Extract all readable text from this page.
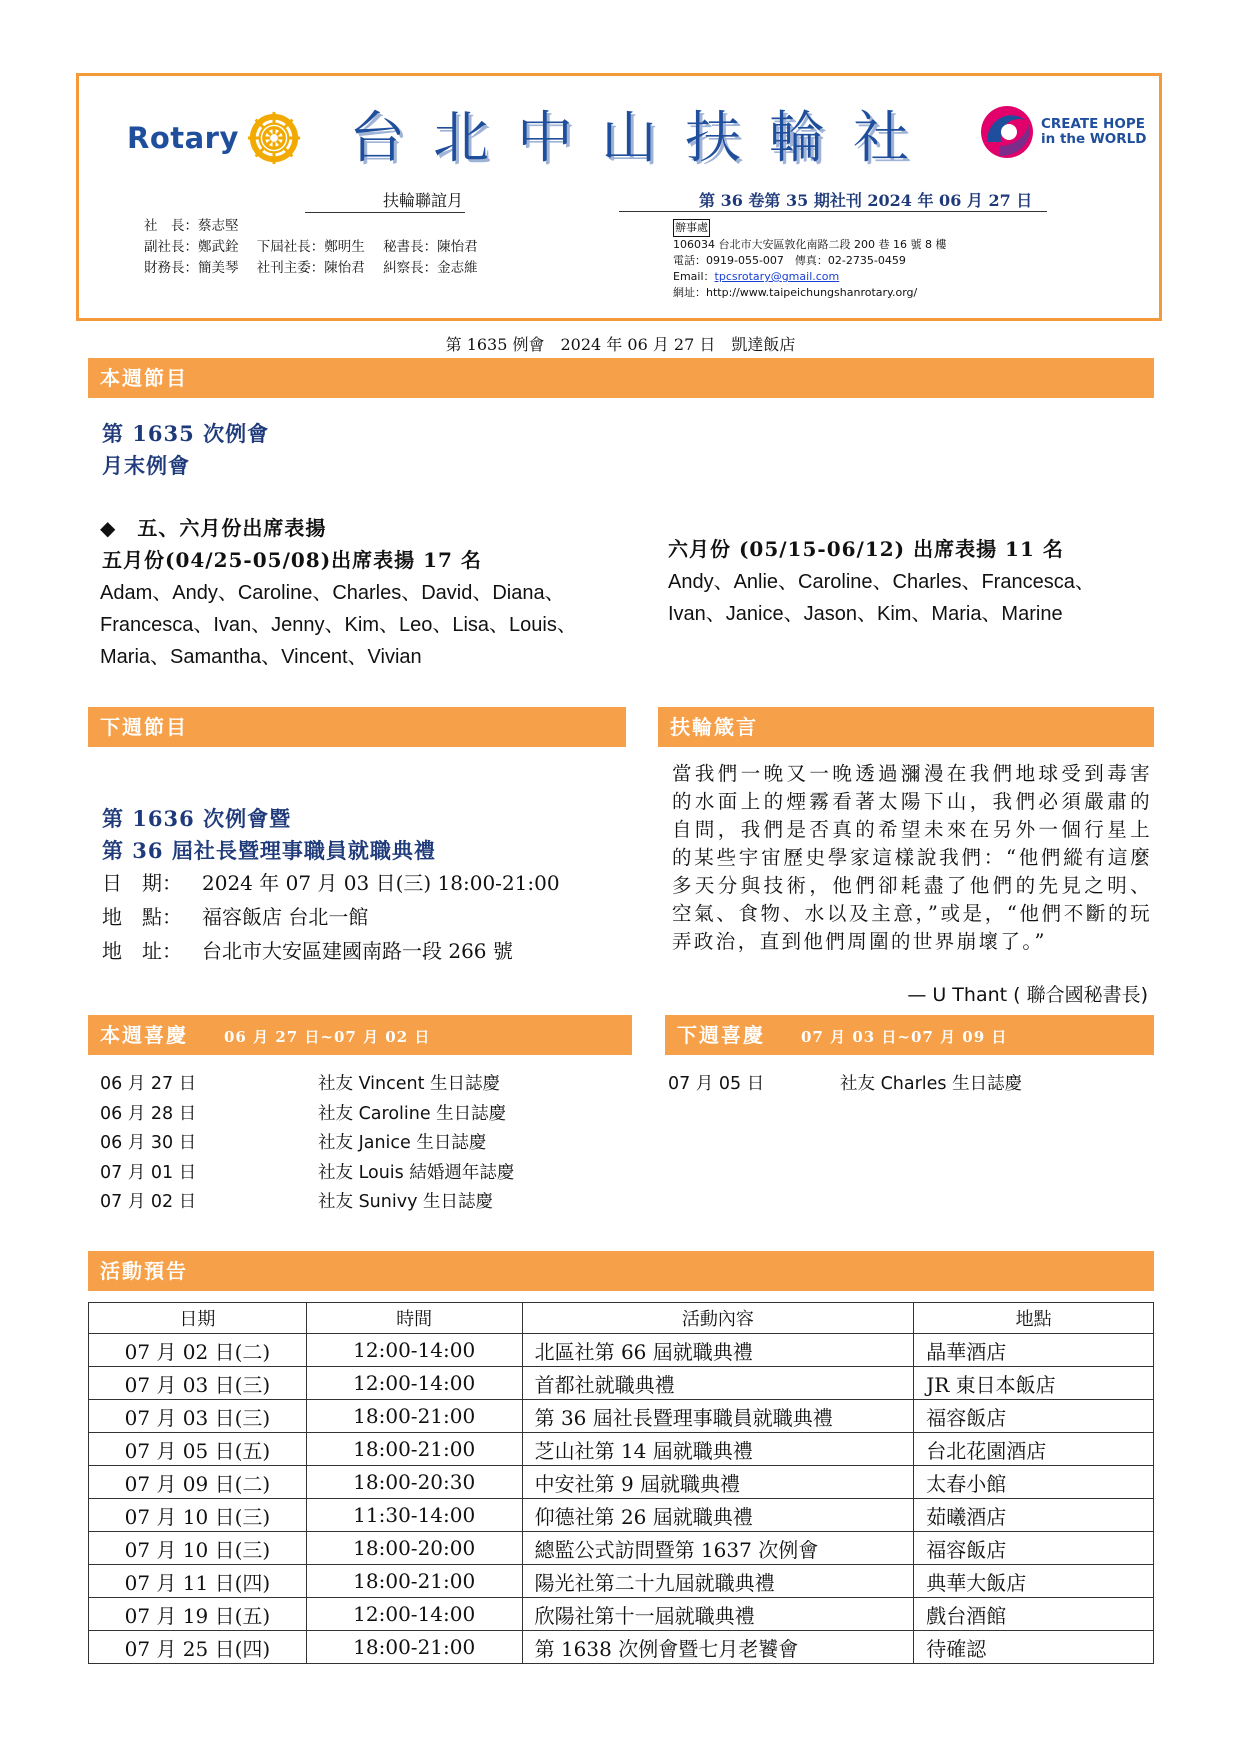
Rotary 台北中山扶輪社	CREATE HOPE
in the WORLD
扶輪聯誼月	第 36 卷第 35 期社刊 2024 年 06 月 27 日
社　長：蔡志堅
副社長：鄭武銓 下屆社長：鄭明生 秘書長：陳怡君
財務長：簡美琴 社刊主委：陳怡君 糾察長：金志維
辦事處
106034 台北市大安區敦化南路二段 200 巷 16 號 8 樓
電話：0919-055-007　傳真：02-2735-0459
Email：tpcsrotary@gmail.com
網址：http://www.taipeichungshanrotary.org/
第 1635 例會　2024 年 06 月 27 日　凱達飯店
本週節目
第 1635 次例會
月末例會
◆　五、六月份出席表揚
五月份(04/25-05/08)出席表揚 17 名
Adam、Andy、Caroline、Charles、David、Diana、
Francesca、Ivan、Jenny、Kim、Leo、Lisa、Louis、
Maria、Samantha、Vincent、Vivian
六月份 (05/15-06/12) 出席表揚 11 名
Andy、Anlie、Caroline、Charles、Francesca、
Ivan、Janice、Jason、Kim、Maria、Marine
下週節目
第 1636 次例會暨
第 36 屆社長暨理事職員就職典禮
日　期： 2024 年 07 月 03 日(三) 18:00-21:00
地　點： 福容飯店 台北一館
地　址： 台北市大安區建國南路一段 266 號
扶輪箴言
當我們一晚又一晚透過瀰漫在我們地球受到毒害的水面上的煙霧看著太陽下山，我們必須嚴肅的自問，我們是否真的希望未來在另外一個行星上的某些宇宙歷史學家這樣說我們：“他們縱有這麼多天分與技術，他們卻耗盡了他們的先見之明、空氣、食物、水以及主意，”或是，“他們不斷的玩弄政治，直到他們周圍的世界崩壞了。”
— U Thant ( 聯合國秘書長)
本週喜慶 06 月 27 日~07 月 02 日
06 月 27 日	社友 Vincent 生日誌慶
06 月 28 日	社友 Caroline 生日誌慶
06 月 30 日	社友 Janice 生日誌慶
07 月 01 日	社友 Louis 結婚週年誌慶
07 月 02 日	社友 Sunivy 生日誌慶
下週喜慶 07 月 03 日~07 月 09 日
07 月 05 日	社友 Charles 生日誌慶
活動預告
日期	時間	活動內容	地點
07 月 02 日(二)	12:00-14:00	北區社第 66 屆就職典禮	晶華酒店
07 月 03 日(三)	12:00-14:00	首都社就職典禮	JR 東日本飯店
07 月 03 日(三)	18:00-21:00	第 36 屆社長暨理事職員就職典禮	福容飯店
07 月 05 日(五)	18:00-21:00	芝山社第 14 屆就職典禮	台北花園酒店
07 月 09 日(二)	18:00-20:30	中安社第 9 屆就職典禮	太春小館
07 月 10 日(三)	11:30-14:00	仰德社第 26 屆就職典禮	茹曦酒店
07 月 10 日(三)	18:00-20:00	總監公式訪問暨第 1637 次例會	福容飯店
07 月 11 日(四)	18:00-21:00	陽光社第二十九屆就職典禮	典華大飯店
07 月 19 日(五)	12:00-14:00	欣陽社第十一屆就職典禮	戲台酒館
07 月 25 日(四)	18:00-21:00	第 1638 次例會暨七月老饕會	待確認
